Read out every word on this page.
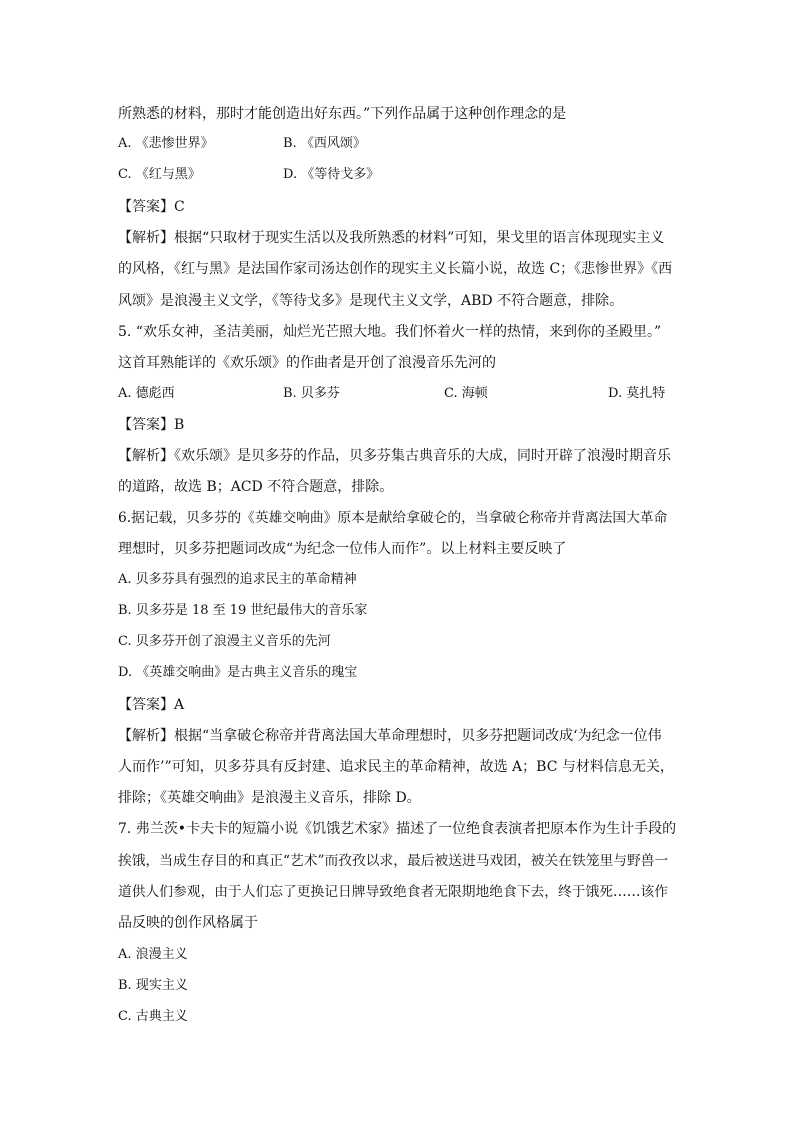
所熟悉的材料，那时才能创造出好东西。”下列作品属于这种创作理念的是
A. 《悲惨世界》	B. 《西风颂》
C. 《红与黑》	D. 《等待戈多》
【答案】C
【解析】根据“只取材于现实生活以及我所熟悉的材料”可知，果戈里的语言体现现实主义
的风格，《红与黑》是法国作家司汤达创作的现实主义长篇小说，故选 C；《悲惨世界》《西
风颂》是浪漫主义文学，《等待戈多》是现代主义文学，ABD 不符合题意，排除。
5. “欢乐女神，圣洁美丽，灿烂光芒照大地。我们怀着火一样的热情，来到你的圣殿里。”
这首耳熟能详的《欢乐颂》的作曲者是开创了浪漫音乐先河的
A. 德彪西	B. 贝多芬	C. 海顿	D. 莫扎特
【答案】B
【解析】《欢乐颂》是贝多芬的作品，贝多芬集古典音乐的大成，同时开辟了浪漫时期音乐
的道路，故选 B；ACD 不符合题意，排除。
6.据记载，贝多芬的《英雄交响曲》原本是献给拿破仑的，当拿破仑称帝并背离法国大革命
理想时，贝多芬把题词改成“为纪念一位伟人而作”。以上材料主要反映了
A. 贝多芬具有强烈的追求民主的革命精神
B. 贝多芬是 18 至 19 世纪最伟大的音乐家
C. 贝多芬开创了浪漫主义音乐的先河
D. 《英雄交响曲》是古典主义音乐的瑰宝
【答案】A
【解析】根据“当拿破仑称帝并背离法国大革命理想时，贝多芬把题词改成‘为纪念一位伟
人而作’”可知，贝多芬具有反封建、追求民主的革命精神，故选 A；BC 与材料信息无关，
排除；《英雄交响曲》是浪漫主义音乐，排除 D。
7. 弗兰茨•卡夫卡的短篇小说《饥饿艺术家》描述了一位绝食表演者把原本作为生计手段的
挨饿，当成生存目的和真正“艺术”而孜孜以求，最后被送进马戏团，被关在铁笼里与野兽一
道供人们参观，由于人们忘了更换记日牌导致绝食者无限期地绝食下去，终于饿死……该作
品反映的创作风格属于
A. 浪漫主义
B. 现实主义
C. 古典主义
